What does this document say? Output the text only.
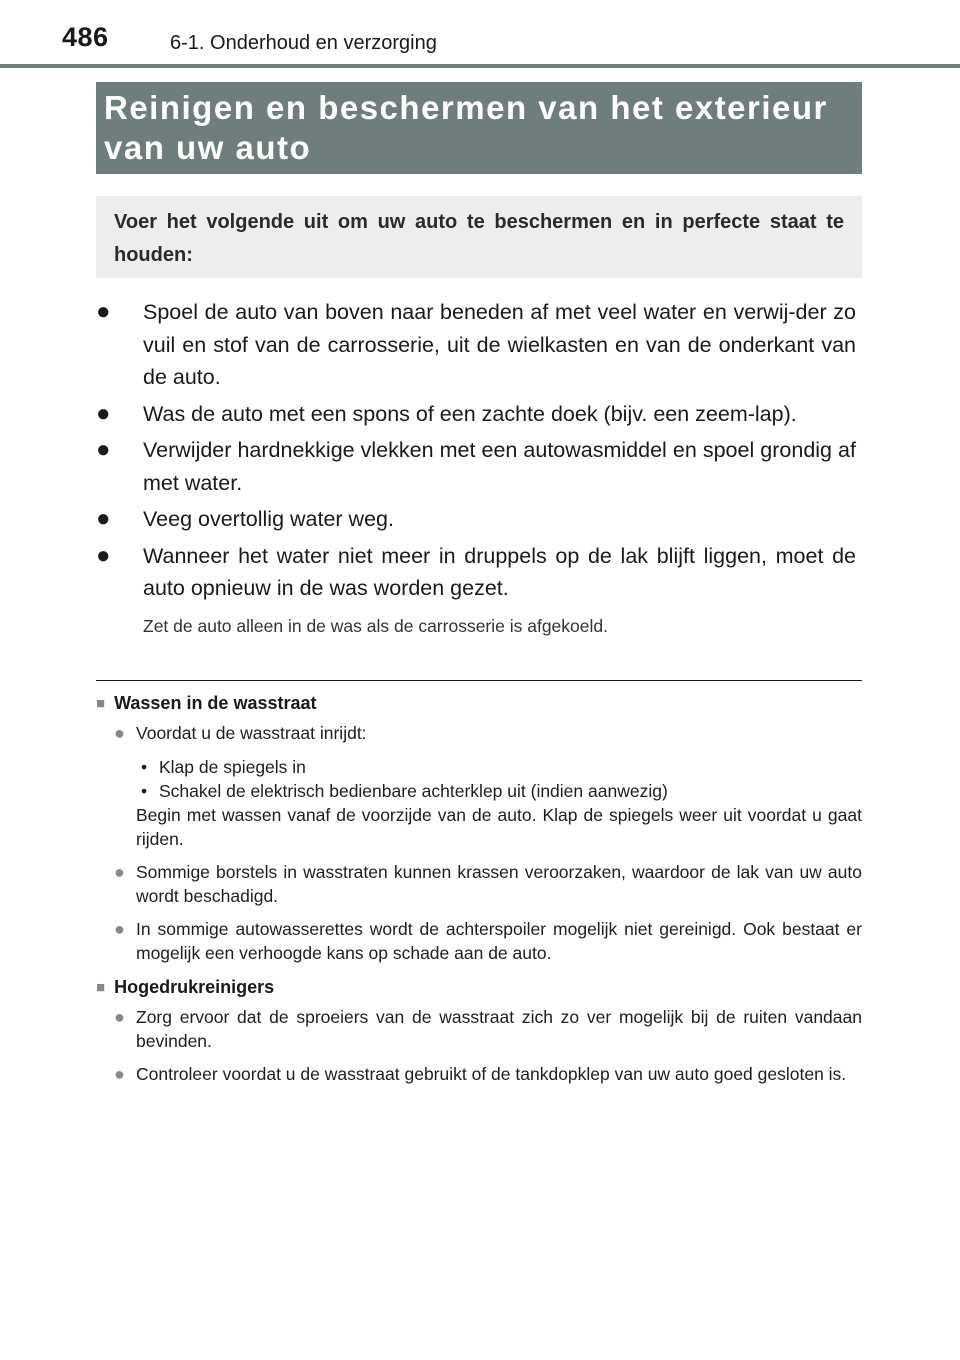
486	6-1. Onderhoud en verzorging
Reinigen en beschermen van het exterieur
van uw auto

Voer het volgende uit om uw auto te beschermen en in perfecte staat te houden:

● Spoel de auto van boven naar beneden af met veel water en verwij-der zo vuil en stof van de carrosserie, uit de wielkasten en van de onderkant van de auto.
● Was de auto met een spons of een zachte doek (bijv. een zeem-lap).
● Verwijder hardnekkige vlekken met een autowasmiddel en spoel grondig af met water.
● Veeg overtollig water weg.
● Wanneer het water niet meer in druppels op de lak blijft liggen, moet de auto opnieuw in de was worden gezet.
Zet de auto alleen in de was als de carrosserie is afgekoeld.
■ Wassen in de wasstraat
● Voordat u de wasstraat inrijdt:
• Klap de spiegels in
• Schakel de elektrisch bedienbare achterklep uit (indien aanwezig)

Begin met wassen vanaf de voorzijde van de auto. Klap de spiegels weer uit voordat u gaat rijden.

● Sommige borstels in wasstraten kunnen krassen veroorzaken, waardoor de lak van uw auto wordt beschadigd.
● In sommige autowasserettes wordt de achterspoiler mogelijk niet gereinigd. Ook bestaat er mogelijk een verhoogde kans op schade aan de auto.
■ Hogedrukreinigers
● Zorg ervoor dat de sproeiers van de wasstraat zich zo ver mogelijk bij de ruiten vandaan bevinden.
● Controleer voordat u de wasstraat gebruikt of de tankdopklep van uw auto goed gesloten is.
